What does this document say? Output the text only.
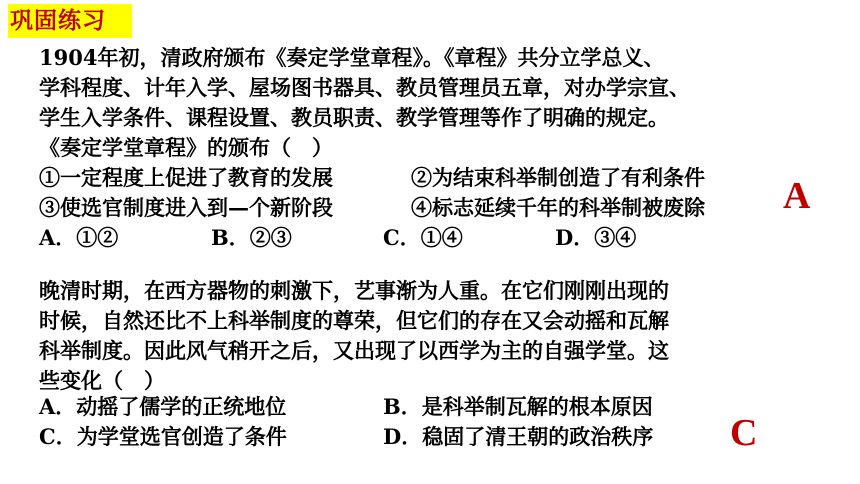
巩固练习
1904年初，清政府颁布《奏定学堂章程》。《章程》共分立学总义、
学科程度、计年入学、屋场图书器具、教员管理员五章，对办学宗宣、
学生入学条件、课程设置、教员职责、教学管理等作了明确的规定。
《奏定学堂章程》的颁布（　）
①一定程度上促进了教育的发展	②为结束科举制创造了有利条件
③使选官制度进入到—个新阶段	④标志延续千年的科举制被废除
A．①②	B．②③	C．①④	D．③④
A
晚清时期，在西方器物的刺激下，艺事渐为人重。在它们刚刚出现的
时候，自然还比不上科举制度的尊荣，但它们的存在又会动摇和瓦解
科举制度。因此风气稍开之后，又出现了以西学为主的自强学堂。这
些变化（　）
A．动摇了儒学的正统地位	B．是科举制瓦解的根本原因
C．为学堂选官创造了条件	D．稳固了清王朝的政治秩序 C
